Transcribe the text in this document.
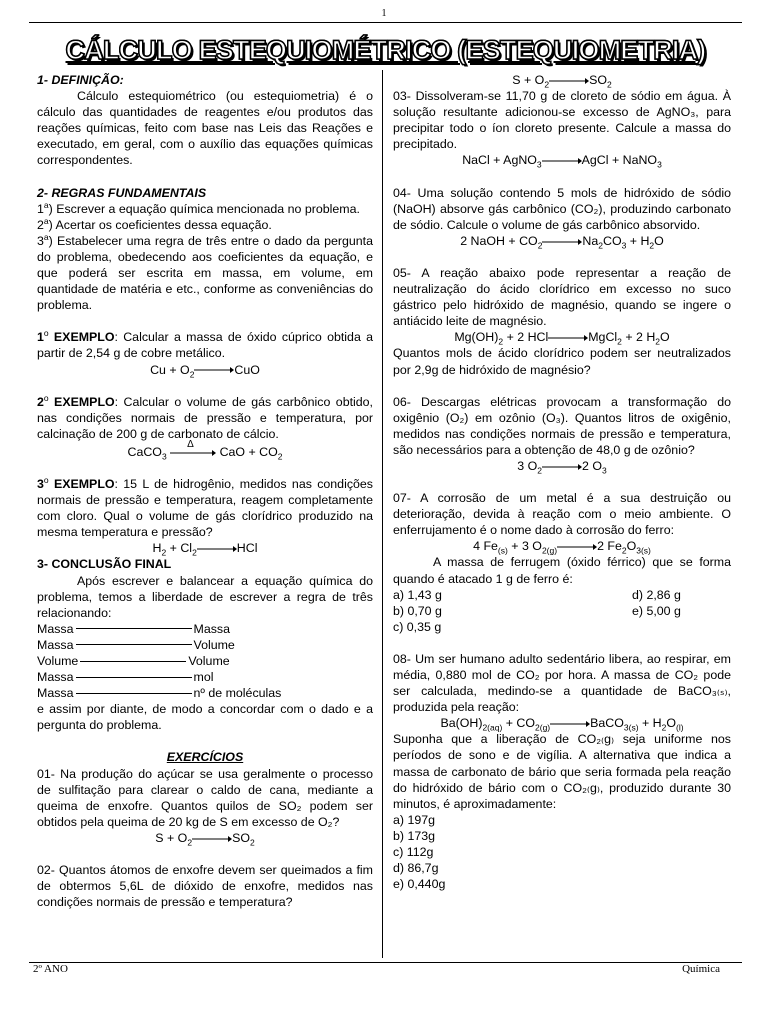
1
CÁLCULO ESTEQUIOMÉTRICO (ESTEQUIOMETRIA)

1- DEFINIÇÃO:

Cálculo estequiométrico (ou estequiometria) é o cálculo das quantidades de reagentes e/ou produtos das reações químicas, feito com base nas Leis das Reações e executado, em geral, com o auxílio das equações químicas correspondentes.

2- REGRAS FUNDAMENTAIS

1$^a$) Escrever a equação química mencionada no problema.

2$^a$) Acertar os coeficientes dessa equação.

3$^a$) Estabelecer uma regra de três entre o dado da pergunta do problema, obedecendo aos coeficientes da equação, e que poderá ser escrita em massa, em volume, em quantidade de matéria e etc., conforme as conveniências do problema.

1$^o$ EXEMPLO: Calcular a massa de óxido cúprico obtida a partir de 2,54 g de cobre metálico.

$Cu + O_2\to CuO$

2$^o$ EXEMPLO: Calcular o volume de gás carbônico obtido, nas condições normais de pressão e temperatura, por calcinação de 200 g de carbonato de cálcio.

CaCO$_3$
Δ
CaO + $CO_2$

3$^o$ EXEMPLO: 15 L de hidrogênio, medidos nas condições normais de pressão e temperatura, reagem completamente com cloro. Qual o volume de gás clorídrico produzido na mesma temperatura e pressão?

$H_2 + Cl_2\to HCl$

3- CONCLUSÃO FINAL

Após escrever e balancear a equação química do problema, temos a liberdade de escrever a regra de três relacionando:

Massa	Massa
Massa	Volume
Volume	Volume
Massa	mol
Massa	nº de moléculas

e assim por diante, de modo a concordar com o dado e a pergunta do problema.

EXERCÍCIOS

01- Na produção do açúcar se usa geralmente o processo de sulfitação para clarear o caldo de cana, mediante a queima de enxofre. Quantos quilos de SO₂ podem ser obtidos pela queima de 20 kg de S em excesso de O₂?

$S + O_2\to SO_2$

02- Quantos átomos de enxofre devem ser queimados a fim de obtermos 5,6L de dióxido de enxofre, medidos nas condições normais de pressão e temperatura?

$S + O_2\to SO_2$

03- Dissolveram-se 11,70 g de cloreto de sódio em água. À solução resultante adicionou-se excesso de AgNO₃, para precipitar todo o íon cloreto presente. Calcule a massa do precipitado.

NaCl + AgNO$_3$→AgCl + NaNO$_3$

04- Uma solução contendo 5 mols de hidróxido de sódio (NaOH) absorve gás carbônico (CO₂), produzindo carbonato de sódio. Calcule o volume de gás carbônico absorvido.

2 NaOH + $CO_2\to Na_2CO_3 + H_2O$

05- A reação abaixo pode representar a reação de neutralização do ácido clorídrico em excesso no suco gástrico pelo hidróxido de magnésio, quando se ingere o antiácido leite de magnésio.

$Mg(OH)_2 + 2$ HCl→MgCl$_2$ + 2 $H_2O$

Quantos mols de ácido clorídrico podem ser neutralizados por 2,9g de hidróxido de magnésio?

06- Descargas elétricas provocam a transformação do oxigênio (O₂) em ozônio (O₃). Quantos litros de oxigênio, medidos nas condições normais de pressão e temperatura, são necessários para a obtenção de 48,0 g de ozônio?

3 $O_2\to 2$ $O_3$

07- A corrosão de um metal é a sua destruição ou deterioração, devida à reação com o meio ambiente. O enferrujamento é o nome dado à corrosão do ferro:

4 $Fe_{(s)} + 3$ $O_{2(g)}\to 2$ $Fe_2O_{3(s)}$

A massa de ferrugem (óxido férrico) que se forma quando é atacado 1 g de ferro é:

a) 1,43 g	d) 2,86 g
b) 0,70 g	e) 5,00 g
c) 0,35 g

08- Um ser humano adulto sedentário libera, ao respirar, em média, 0,880 mol de CO₂ por hora. A massa de CO₂ pode ser calculada, medindo-se a quantidade de BaCO₃₍ₛ₎, produzida pela reação:

$Ba(OH)_{2(aq)}$ + $CO_{2(g)}\to BaCO_{3(s)} + H_2O_{(l)}$

Suponha que a liberação de CO₂₍g₎ seja uniforme nos períodos de sono e de vigília. A alternativa que indica a massa de carbonato de bário que seria formada pela reação do hidróxido de bário com o CO₂₍g₎, produzido durante 30 minutos, é aproximadamente:

a) 197g

b) 173g

c) 112g

d) 86,7g

e) 0,440g

2º ANO	Química
